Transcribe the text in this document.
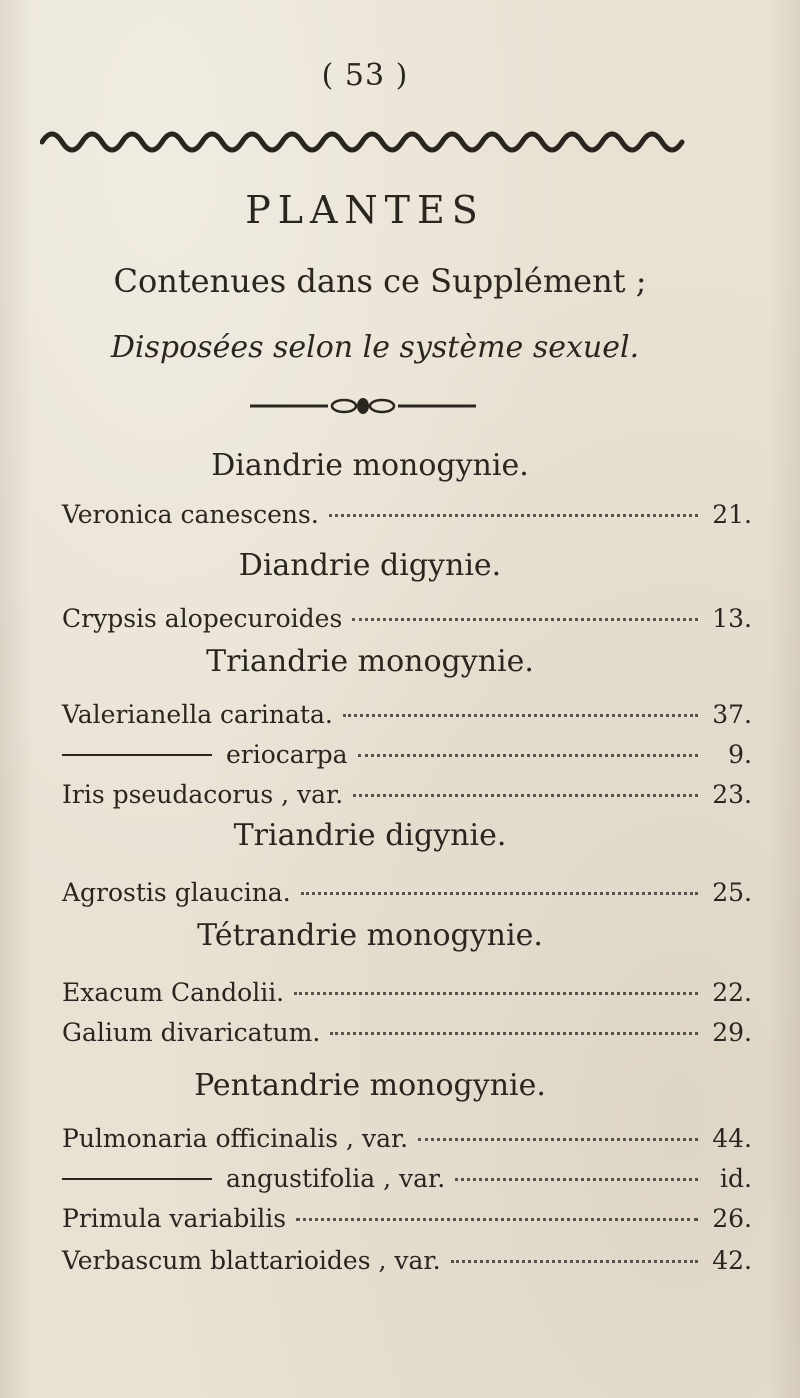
( 53 )
PLANTES
Contenues dans ce Supplément ;
Disposées selon le système sexuel.
Diandrie monogynie.
Veronica canescens.	21.
Diandrie digynie.
Crypsis alopecuroides	13.
Triandrie monogynie.
Valerianella carinata.	37.
eriocarpa	9.
Iris pseudacorus , var.	23.
Triandrie digynie.
Agrostis glaucina.	25.
Tétrandrie monogynie.
Exacum Candolii.	22.
Galium divaricatum.	29.
Pentandrie monogynie.
Pulmonaria officinalis , var.	44.
angustifolia , var.	id.
Primula variabilis	26.
Verbascum blattarioides , var.	42.
